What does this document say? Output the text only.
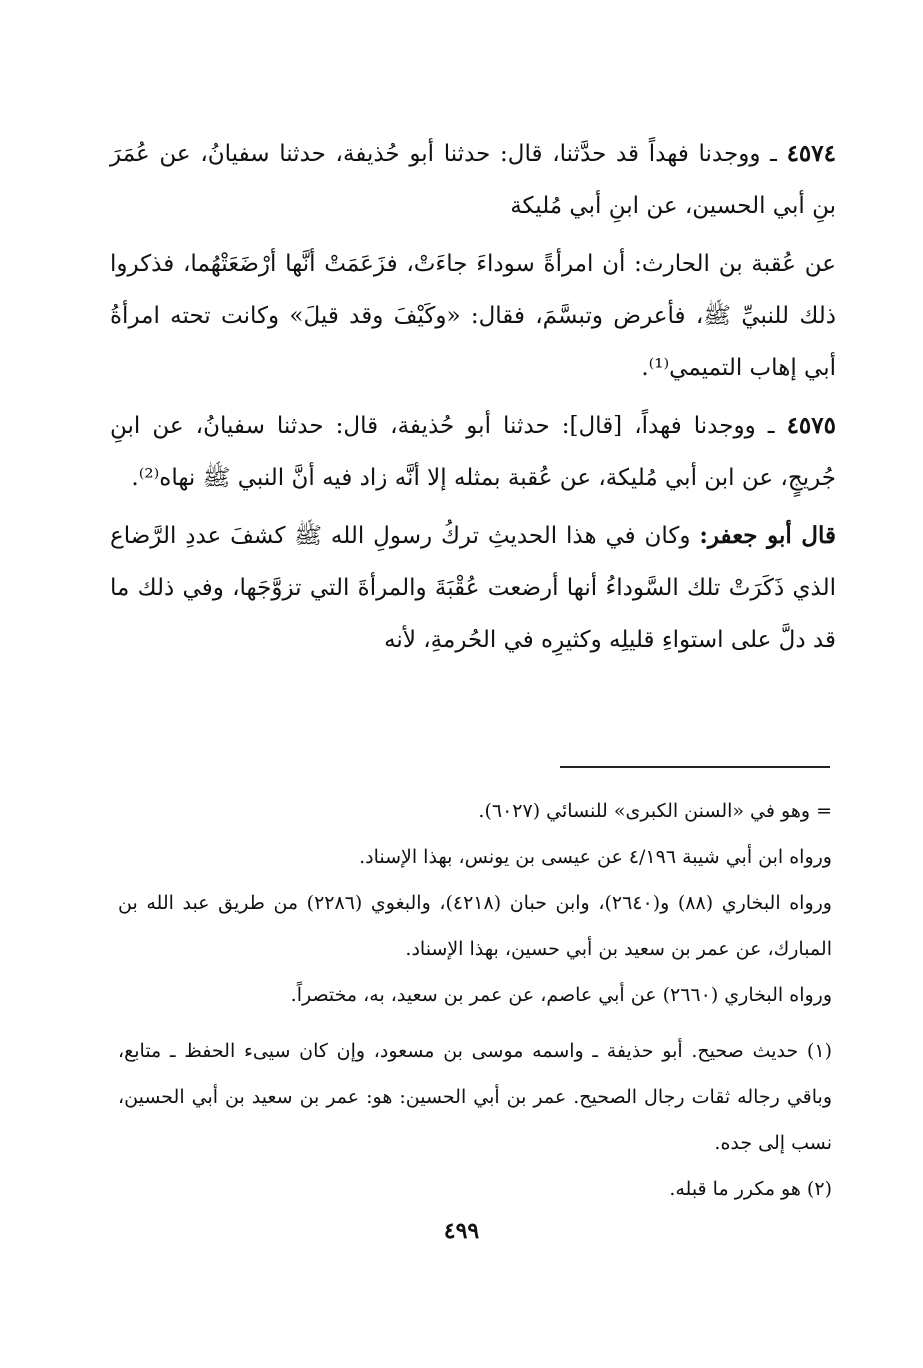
٤٥٧٤ ـ ووجدنا فهداً قد حدَّثنا، قال: حدثنا أبو حُذيفة، حدثنا سفيانُ، عن عُمَرَ بنِ أبي الحسين، عن ابنِ أبي مُليكة

عن عُقبة بن الحارث: أن امرأةً سوداءَ جاءَتْ، فزَعَمَتْ أنَّها أرْضَعَتْهُما، فذكروا ذلك للنبيِّ ﷺ، فأعرض وتبسَّمَ، فقال: «وكَيْفَ وقد قيلَ» وكانت تحته امرأةُ أبي إهاب التميمي⁽¹⁾.

٤٥٧٥ ـ ووجدنا فهداً، [قال]: حدثنا أبو حُذيفة، قال: حدثنا سفيانُ، عن ابنِ جُريجٍ، عن ابن أبي مُليكة، عن عُقبة بمثله إلا أنَّه زاد فيه أنَّ النبي ﷺ نهاه⁽²⁾.

قال أبو جعفر: وكان في هذا الحديثِ تركُ رسولِ الله ﷺ كشفَ عددِ الرَّضاع الذي ذَكَرَتْ تلك السَّوداءُ أنها أرضعت عُقْبَةَ والمرأةَ التي تزوَّجَها، وفي ذلك ما قد دلَّ على استواءِ قليلِه وكثيرِه في الحُرمةِ، لأنه

= وهو في «السنن الكبرى» للنسائي (٦٠٢٧).

ورواه ابن أبي شيبة ٤/١٩٦ عن عيسى بن يونس، بهذا الإسناد.

ورواه البخاري (٨٨) و(٢٦٤٠)، وابن حبان (٤٢١٨)، والبغوي (٢٢٨٦) من طريق عبد الله بن المبارك، عن عمر بن سعيد بن أبي حسين، بهذا الإسناد.

ورواه البخاري (٢٦٦٠) عن أبي عاصم، عن عمر بن سعيد، به، مختصراً.

(١) حديث صحيح. أبو حذيفة ـ واسمه موسى بن مسعود، وإن كان سيىء الحفظ ـ متابع، وباقي رجاله ثقات رجال الصحيح. عمر بن أبي الحسين: هو: عمر بن سعيد بن أبي الحسين، نسب إلى جده.

(٢) هو مكرر ما قبله.

٤٩٩
